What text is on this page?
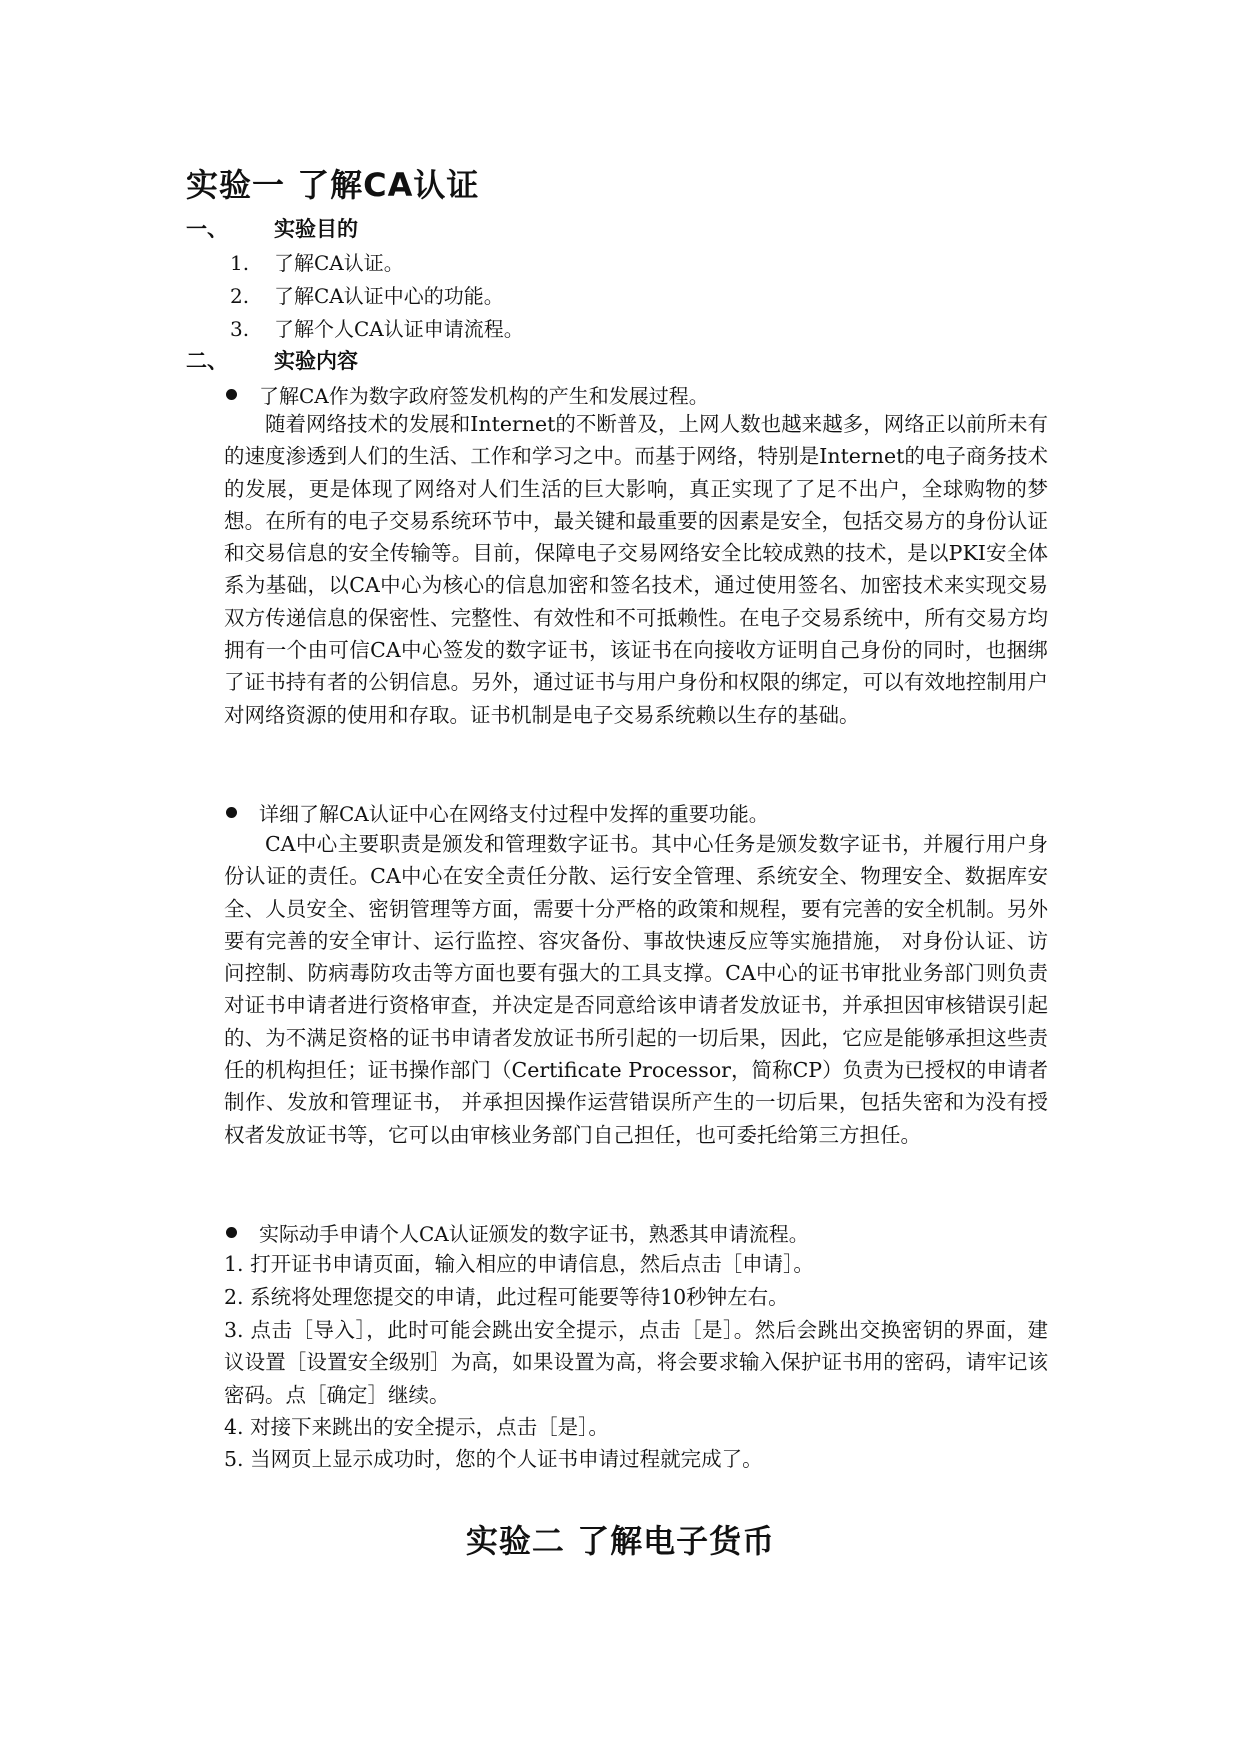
实验一 了解CA认证
一、 实验目的
1. 了解CA认证。
2. 了解CA认证中心的功能。
3. 了解个人CA认证申请流程。
二、 实验内容
了解CA作为数字政府签发机构的产生和发展过程。

随着网络技术的发展和Internet的不断普及，上网人数也越来越多，网络正以前所未有的速度渗透到人们的生活、工作和学习之中。而基于网络，特别是Internet的电子商务技术的发展，更是体现了网络对人们生活的巨大影响，真正实现了了足不出户，全球购物的梦想。在所有的电子交易系统环节中，最关键和最重要的因素是安全，包括交易方的身份认证和交易信息的安全传输等。目前，保障电子交易网络安全比较成熟的技术，是以PKI安全体系为基础，以CA中心为核心的信息加密和签名技术，通过使用签名、加密技术来实现交易双方传递信息的保密性、完整性、有效性和不可抵赖性。在电子交易系统中，所有交易方均拥有一个由可信CA中心签发的数字证书，该证书在向接收方证明自己身份的同时，也捆绑了证书持有者的公钥信息。另外，通过证书与用户身份和权限的绑定，可以有效地控制用户对网络资源的使用和存取。证书机制是电子交易系统赖以生存的基础。

详细了解CA认证中心在网络支付过程中发挥的重要功能。

CA中心主要职责是颁发和管理数字证书。其中心任务是颁发数字证书，并履行用户身份认证的责任。CA中心在安全责任分散、运行安全管理、系统安全、物理安全、数据库安全、人员安全、密钥管理等方面，需要十分严格的政策和规程，要有完善的安全机制。另外要有完善的安全审计、运行监控、容灾备份、事故快速反应等实施措施， 对身份认证、访问控制、防病毒防攻击等方面也要有强大的工具支撑。CA中心的证书审批业务部门则负责对证书申请者进行资格审查，并决定是否同意给该申请者发放证书，并承担因审核错误引起的、为不满足资格的证书申请者发放证书所引起的一切后果，因此，它应是能够承担这些责任的机构担任；证书操作部门（Certificate Processor，简称CP）负责为已授权的申请者制作、发放和管理证书， 并承担因操作运营错误所产生的一切后果，包括失密和为没有授权者发放证书等，它可以由审核业务部门自己担任，也可委托给第三方担任。

实际动手申请个人CA认证颁发的数字证书，熟悉其申请流程。

1. 打开证书申请页面，输入相应的申请信息，然后点击［申请］。

2. 系统将处理您提交的申请，此过程可能要等待10秒钟左右。

3. 点击［导入］，此时可能会跳出安全提示，点击［是］。然后会跳出交换密钥的界面，建议设置［设置安全级别］为高，如果设置为高，将会要求输入保护证书用的密码，请牢记该密码。点［确定］继续。

4. 对接下来跳出的安全提示，点击［是］。

5. 当网页上显示成功时，您的个人证书申请过程就完成了。

实验二 了解电子货币
